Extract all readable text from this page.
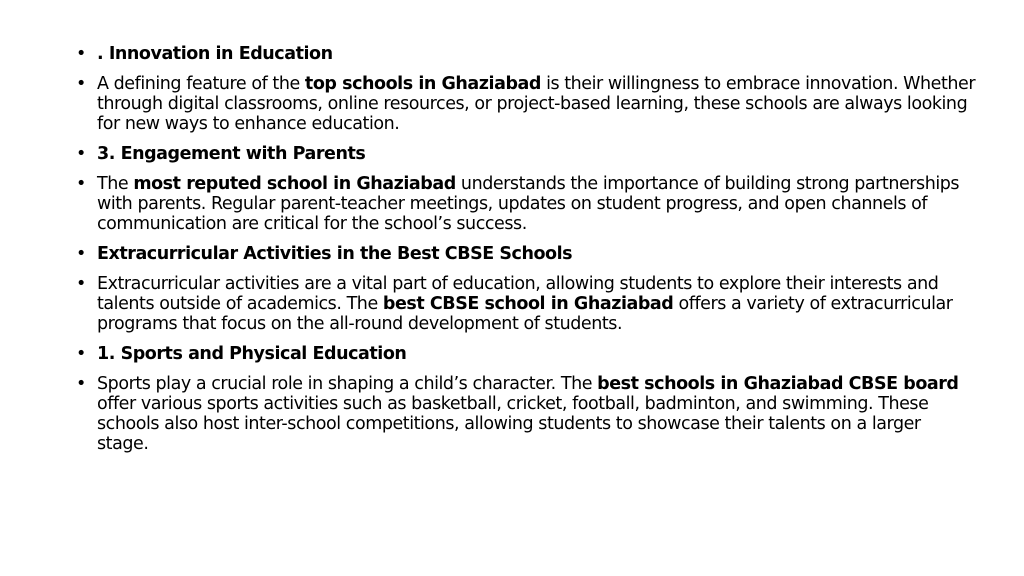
• . Innovation in Education
• A defining feature of the top schools in Ghaziabad is their willingness to embrace innovation. Whether through digital classrooms, online resources, or project-based learning, these schools are always looking for new ways to enhance education.
• 3. Engagement with Parents
• The most reputed school in Ghaziabad understands the importance of building strong partnerships with parents. Regular parent-teacher meetings, updates on student progress, and open channels of communication are critical for the school’s success.
• Extracurricular Activities in the Best CBSE Schools
• Extracurricular activities are a vital part of education, allowing students to explore their interests and talents outside of academics. The best CBSE school in Ghaziabad offers a variety of extracurricular programs that focus on the all-round development of students.
• 1. Sports and Physical Education
• Sports play a crucial role in shaping a child’s character. The best schools in Ghaziabad CBSE board offer various sports activities such as basketball, cricket, football, badminton, and swimming. These schools also host inter-school competitions, allowing students to showcase their talents on a larger stage.
